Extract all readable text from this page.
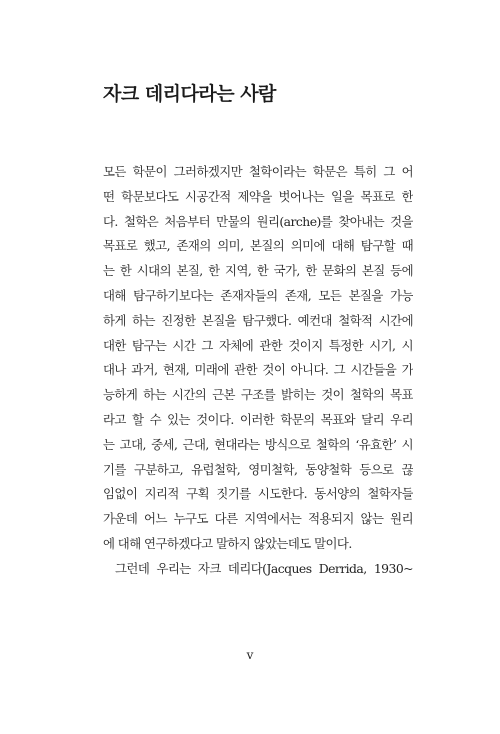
자크 데리다라는 사람
모든 학문이 그러하겠지만 철학이라는 학문은 특히 그 어
떤 학문보다도 시공간적 제약을 벗어나는 일을 목표로 한
다. 철학은 처음부터 만물의 원리(arche)를 찾아내는 것을
목표로 했고, 존재의 의미, 본질의 의미에 대해 탐구할 때
는 한 시대의 본질, 한 지역, 한 국가, 한 문화의 본질 등에
대해 탐구하기보다는 존재자들의 존재, 모든 본질을 가능
하게 하는 진정한 본질을 탐구했다. 예컨대 철학적 시간에
대한 탐구는 시간 그 자체에 관한 것이지 특정한 시기, 시
대나 과거, 현재, 미래에 관한 것이 아니다. 그 시간들을 가
능하게 하는 시간의 근본 구조를 밝히는 것이 철학의 목표
라고 할 수 있는 것이다. 이러한 학문의 목표와 달리 우리
는 고대, 중세, 근대, 현대라는 방식으로 철학의 ‘유효한’ 시
기를 구분하고, 유럽철학, 영미철학, 동양철학 등으로 끊
임없이 지리적 구획 짓기를 시도한다. 동서양의 철학자들
가운데 어느 누구도 다른 지역에서는 적용되지 않는 원리
에 대해 연구하겠다고 말하지 않았는데도 말이다.
그런데 우리는 자크 데리다(Jacques Derrida, 1930~
v
